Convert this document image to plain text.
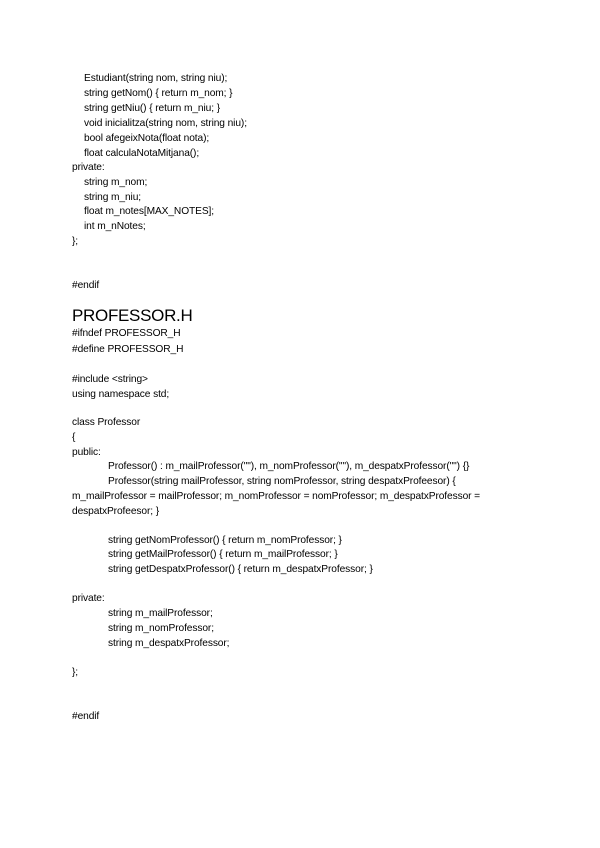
Estudiant(string nom, string niu);
string getNom() { return m_nom; }
string getNiu() { return m_niu; }
void inicialitza(string nom, string niu);
bool afegeixNota(float nota);
float calculaNotaMitjana();
private:
string m_nom;
string m_niu;
float m_notes[MAX_NOTES];
int m_nNotes;
};
#endif
PROFESSOR.H
#ifndef PROFESSOR_H
#define PROFESSOR_H
#include <string>
using namespace std;
class Professor
{
public:
Professor() : m_mailProfessor(""), m_nomProfessor(""), m_despatxProfessor("") {}
Professor(string mailProfessor, string nomProfessor, string despatxProfeesor) {
m_mailProfessor = mailProfessor; m_nomProfessor = nomProfessor; m_despatxProfessor =
despatxProfeesor; }
string getNomProfessor() { return m_nomProfessor; }
string getMailProfessor() { return m_mailProfessor; }
string getDespatxProfessor() { return m_despatxProfessor; }
private:
string m_mailProfessor;
string m_nomProfessor;
string m_despatxProfessor;
};
#endif
